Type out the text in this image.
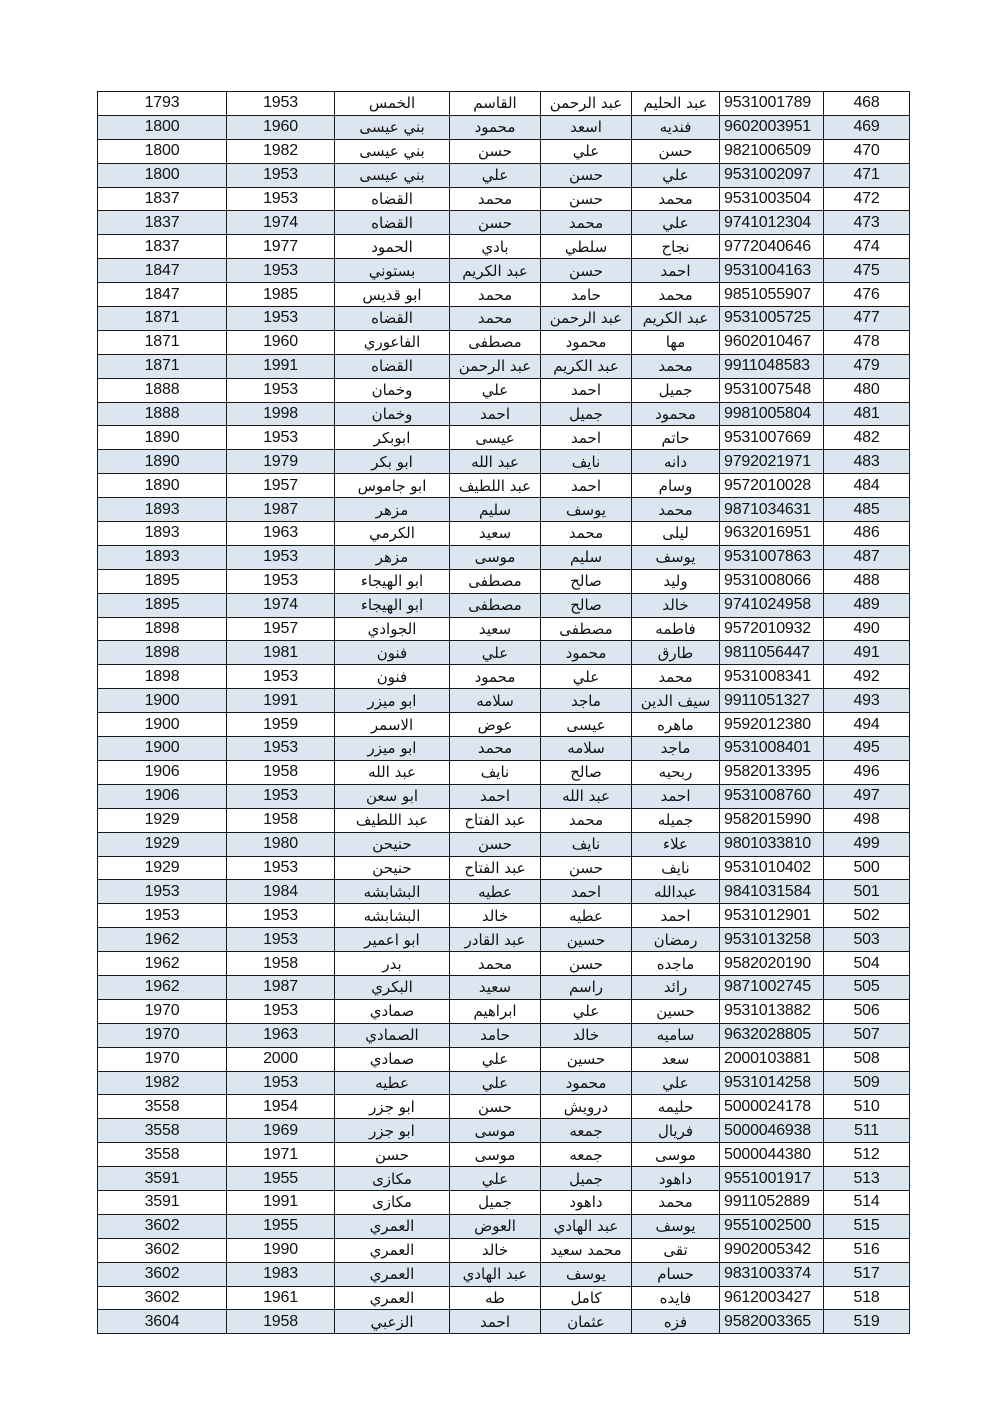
1793	1953	الخمس	القاسم	عبد الرحمن	عبد الحليم	9531001789	468
1800	1960	بني عيسى	محمود	اسعد	فنديه	9602003951	469
1800	1982	بني عيسى	حسن	علي	حسن	9821006509	470
1800	1953	بني عيسى	علي	حسن	علي	9531002097	471
1837	1953	القضاه	محمد	حسن	محمد	9531003504	472
1837	1974	القضاه	حسن	محمد	علي	9741012304	473
1837	1977	الحمود	بادي	سلطي	نجاح	9772040646	474
1847	1953	بستوني	عبد الكريم	حسن	احمد	9531004163	475
1847	1985	ابو قديس	محمد	حامد	محمد	9851055907	476
1871	1953	القضاه	محمد	عبد الرحمن	عبد الكريم	9531005725	477
1871	1960	الفاعوري	مصطفى	محمود	مها	9602010467	478
1871	1991	القضاه	عبد الرحمن	عبد الكريم	محمد	9911048583	479
1888	1953	وخمان	علي	احمد	جميل	9531007548	480
1888	1998	وخمان	احمد	جميل	محمود	9981005804	481
1890	1953	ابوبكر	عيسى	احمد	حاتم	9531007669	482
1890	1979	ابو بكر	عبد الله	نايف	دانه	9792021971	483
1890	1957	ابو جاموس	عبد اللطيف	احمد	وسام	9572010028	484
1893	1987	مزهر	سليم	يوسف	محمد	9871034631	485
1893	1963	الكرمي	سعيد	محمد	ليلى	9632016951	486
1893	1953	مزهر	موسى	سليم	يوسف	9531007863	487
1895	1953	ابو الهيجاء	مصطفى	صالح	وليد	9531008066	488
1895	1974	ابو الهيجاء	مصطفى	صالح	خالد	9741024958	489
1898	1957	الجوادي	سعيد	مصطفى	فاطمه	9572010932	490
1898	1981	فنون	علي	محمود	طارق	9811056447	491
1898	1953	فنون	محمود	علي	محمد	9531008341	492
1900	1991	ابو ميزر	سلامه	ماجد	سيف الدين	9911051327	493
1900	1959	الاسمر	عوض	عيسى	ماهره	9592012380	494
1900	1953	ابو ميزر	محمد	سلامه	ماجد	9531008401	495
1906	1958	عبد الله	نايف	صالح	ربحيه	9582013395	496
1906	1953	ابو سعن	احمد	عبد الله	احمد	9531008760	497
1929	1958	عبد اللطيف	عبد الفتاح	محمد	جميله	9582015990	498
1929	1980	حنيحن	حسن	نايف	علاء	9801033810	499
1929	1953	حنيحن	عبد الفتاح	حسن	نايف	9531010402	500
1953	1984	البشابشه	عطيه	احمد	عبدالله	9841031584	501
1953	1953	البشابشه	خالد	عطيه	احمد	9531012901	502
1962	1953	ابو اعمير	عبد القادر	حسين	رمضان	9531013258	503
1962	1958	بدر	محمد	حسن	ماجده	9582020190	504
1962	1987	البكري	سعيد	راسم	رائد	9871002745	505
1970	1953	صمادي	ابراهيم	علي	حسين	9531013882	506
1970	1963	الصمادي	حامد	خالد	ساميه	9632028805	507
1970	2000	صمادي	علي	حسين	سعد	2000103881	508
1982	1953	عطيه	علي	محمود	علي	9531014258	509
3558	1954	ابو جزر	حسن	درويش	حليمه	5000024178	510
3558	1969	ابو جزر	موسى	جمعه	فريال	5000046938	511
3558	1971	حسن	موسى	جمعه	موسى	5000044380	512
3591	1955	مكازى	علي	جميل	داهود	9551001917	513
3591	1991	مكازى	جميل	داهود	محمد	9911052889	514
3602	1955	العمري	العوض	عبد الهادي	يوسف	9551002500	515
3602	1990	العمري	خالد	محمد سعيد	تقى	9902005342	516
3602	1983	العمري	عبد الهادي	يوسف	حسام	9831003374	517
3602	1961	العمري	طه	كامل	فايده	9612003427	518
3604	1958	الزعبي	احمد	عثمان	فزه	9582003365	519
